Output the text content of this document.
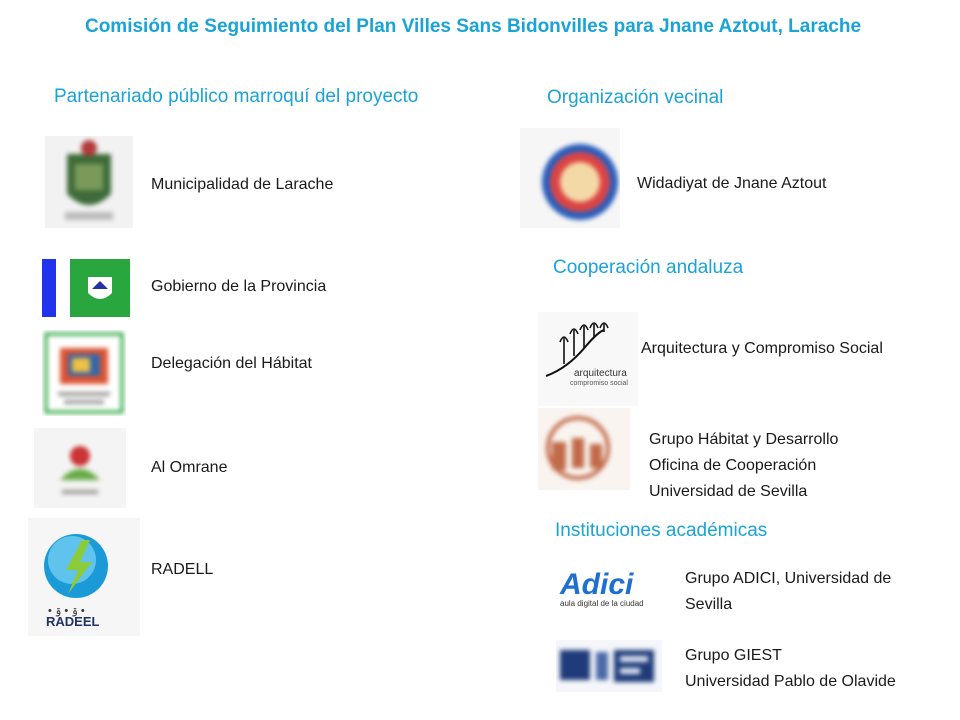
Comisión de Seguimiento del Plan Villes Sans Bidonvilles para Jnane Aztout, Larache
Partenariado público marroquí del proyecto
Municipalidad de Larache
Gobierno de la Provincia
Delegación del Hábitat
Al Omrane
• ۊ • ۊ •
RADEEL
RADELL
Organización vecinal
Widadiyat de Jnane Aztout
Cooperación andaluza
arquitectura
compromiso social
Arquitectura y Compromiso Social
Grupo Hábitat y Desarrollo
Oficina de Cooperación
Universidad de Sevilla
Instituciones académicas
Adici
aula digital de la ciudad
Grupo ADICI, Universidad de
Sevilla
Grupo GIEST
Universidad Pablo de Olavide
